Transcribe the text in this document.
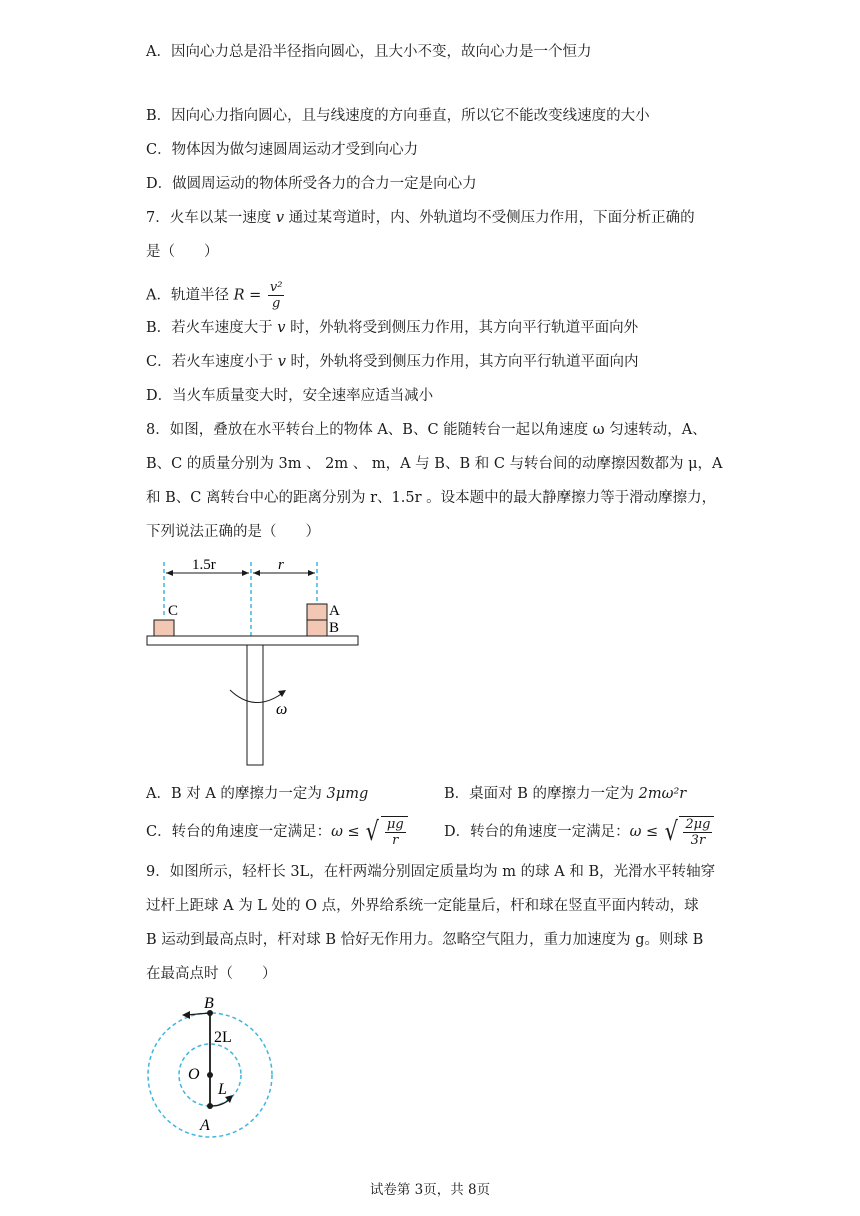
A．因向心力总是沿半径指向圆心，且大小不变，故向心力是一个恒力
B．因向心力指向圆心，且与线速度的方向垂直，所以它不能改变线速度的大小
C．物体因为做匀速圆周运动才受到向心力
D．做圆周运动的物体所受各力的合力一定是向心力
7．火车以某一速度 v 通过某弯道时，内、外轨道均不受侧压力作用，下面分析正确的
是（　　）
A．轨道半径 $R = \frac{\text{v²}}{g}$
B．若火车速度大于 v 时，外轨将受到侧压力作用，其方向平行轨道平面向外
C．若火车速度小于 v 时，外轨将受到侧压力作用，其方向平行轨道平面向内
D．当火车质量变大时，安全速率应适当减小
8．如图，叠放在水平转台上的物体 A、B、C 能随转台一起以角速度 ω 匀速转动，A、
B、C 的质量分别为 3m 、 2m 、 m，A 与 B、B 和 C 与转台间的动摩擦因数都为 μ，A
和 B、C 离转台中心的距离分别为 r、1.5r 。设本题中的最大静摩擦力等于滑动摩擦力，
下列说法正确的是（　　）
1.5r	r
C	A
B
ω
A．B 对 A 的摩擦力一定为 3μmg	B．桌面对 B 的摩擦力一定为 2mω²r
C．转台的角速度一定满足：ω ≤ √ $\frac{\mu g}{r}$	D．转台的角速度一定满足：ω ≤ √ $\frac{2\mu g}{3r}$
9．如图所示，轻杆长 3L，在杆两端分别固定质量均为 m 的球 A 和 B，光滑水平转轴穿
过杆上距球 A 为 L 处的 O 点，外界给系统一定能量后，杆和球在竖直平面内转动，球
B 运动到最高点时，杆对球 B 恰好无作用力。忽略空气阻力，重力加速度为 g。则球 B
在最高点时（　　）
B
2L
O
L
A
试卷第 3页，共 8页
